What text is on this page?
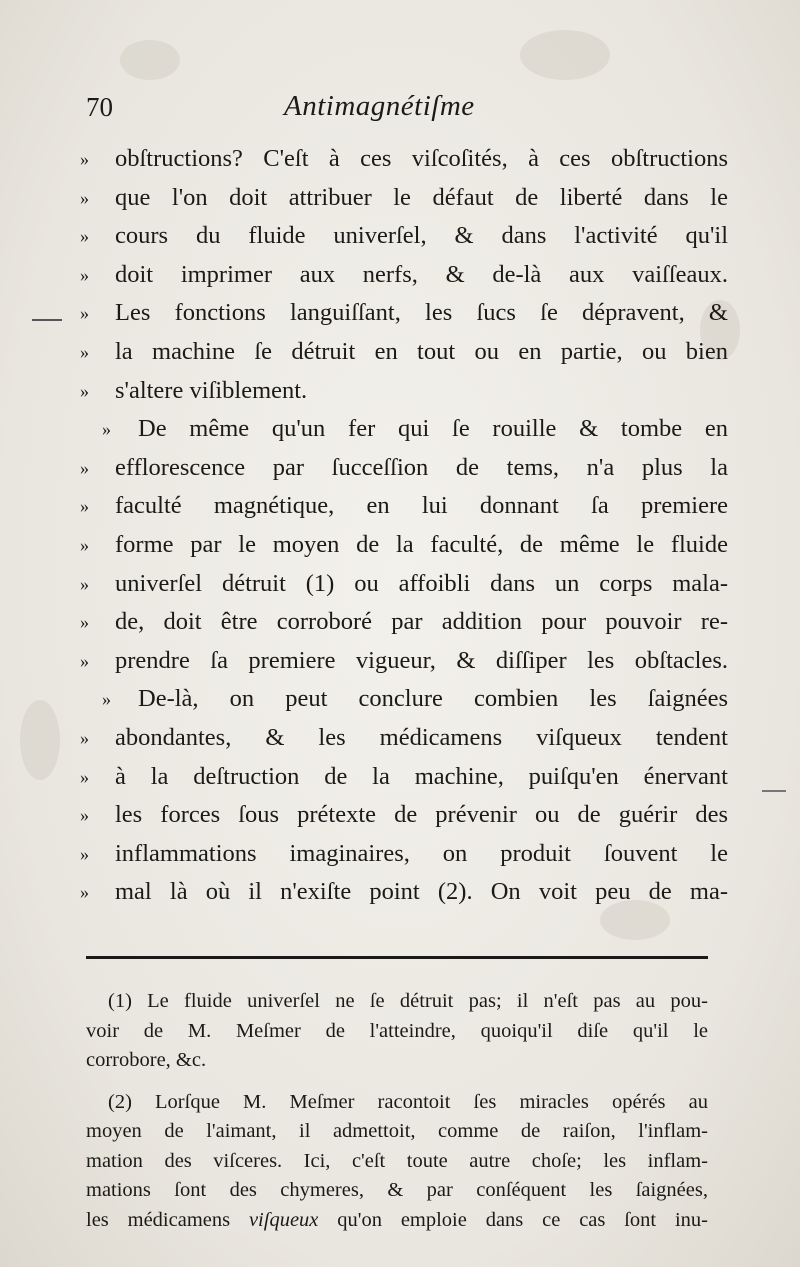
70	Antimagnétiſme
»	obſtructions? C'eſt à ces viſcoſités, à ces obſtructions
»	que l'on doit attribuer le défaut de liberté dans le
»	cours du fluide univerſel, & dans l'activité qu'il
»	doit imprimer aux nerfs, & de-là aux vaiſſeaux.
»	Les fonctions languiſſant, les ſucs ſe dépravent, &
»	la machine ſe détruit en tout ou en partie, ou bien
»	s'altere viſiblement.
»	De même qu'un fer qui ſe rouille & tombe en
»	efflorescence par ſucceſſion de tems, n'a plus la
»	faculté magnétique, en lui donnant ſa premiere
»	forme par le moyen de la faculté, de même le fluide
»	univerſel détruit (1) ou affoibli dans un corps mala-
»	de, doit être corroboré par addition pour pouvoir re-
»	prendre ſa premiere vigueur, & diſſiper les obſtacles.
»	De-là, on peut conclure combien les ſaignées
»	abondantes, & les médicamens viſqueux tendent
»	à la deſtruction de la machine, puiſqu'en énervant
»	les forces ſous prétexte de prévenir ou de guérir des
»	inflammations imaginaires, on produit ſouvent le
»	mal là où il n'exiſte point (2). On voit peu de ma-
(1) Le fluide univerſel ne ſe détruit pas; il n'eſt pas au pou-
voir de M. Meſmer de l'atteindre, quoiqu'il diſe qu'il le
corrobore, &c.
(2) Lorſque M. Meſmer racontoit ſes miracles opérés au
moyen de l'aimant, il admettoit, comme de raiſon, l'inflam-
mation des viſceres. Ici, c'eſt toute autre choſe; les inflam-
mations ſont des chymeres, & par conſéquent les ſaignées,
les médicamens viſqueux qu'on emploie dans ce cas ſont inu-
